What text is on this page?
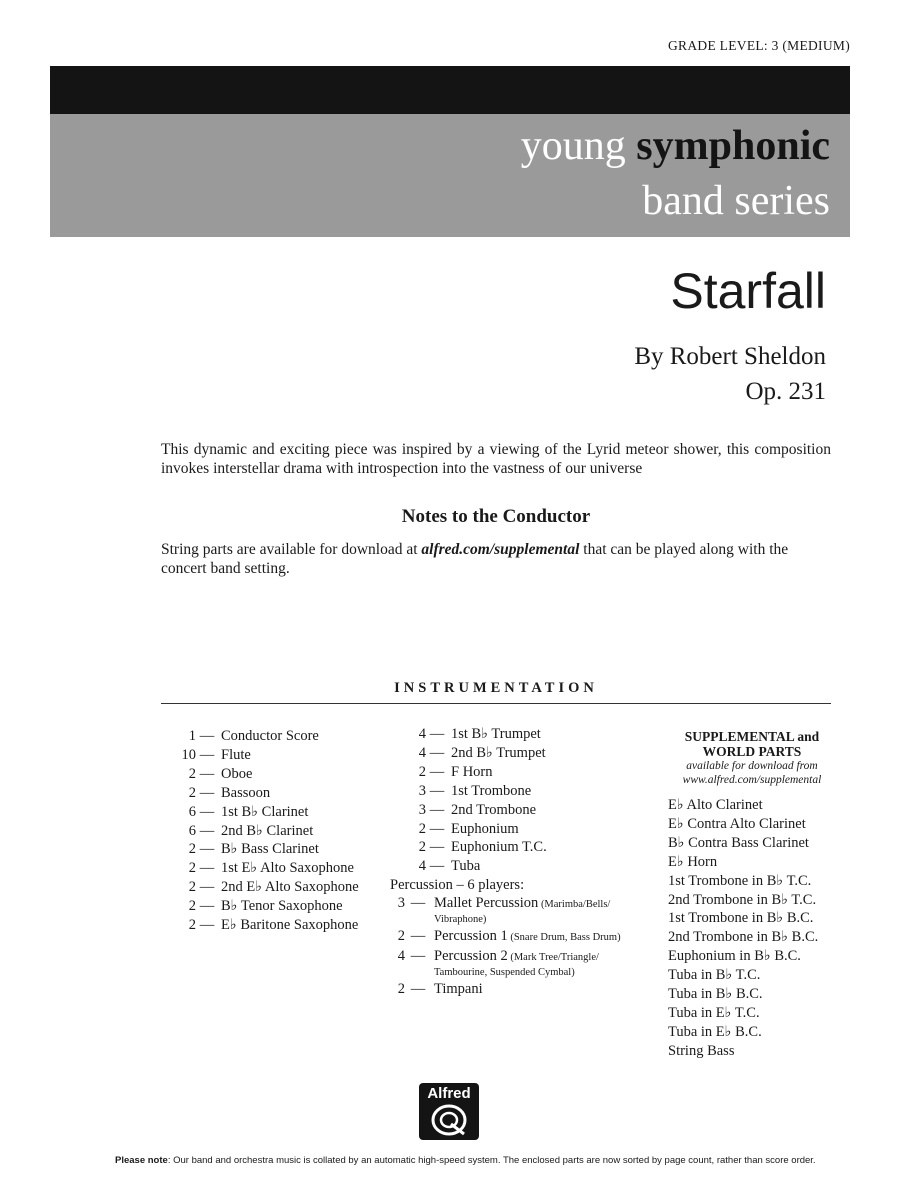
GRADE LEVEL: 3 (MEDIUM)
young symphonic
band series
Starfall
By Robert Sheldon
Op. 231
This dynamic and exciting piece was inspired by a viewing of the Lyrid meteor shower, this composition invokes interstellar drama with introspection into the vastness of our universe
Notes to the Conductor
String parts are available for download at alfred.com/supplemental that can be played along with the concert band setting.
INSTRUMENTATION
1 — Conductor Score
10 — Flute
2 — Oboe
2 — Bassoon
6 — 1st B♭ Clarinet
6 — 2nd B♭ Clarinet
2 — B♭ Bass Clarinet
2 — 1st E♭ Alto Saxophone
2 — 2nd E♭ Alto Saxophone
2 — B♭ Tenor Saxophone
2 — E♭ Baritone Saxophone
4 — 1st B♭ Trumpet
4 — 2nd B♭ Trumpet
2 — F Horn
3 — 1st Trombone
3 — 2nd Trombone
2 — Euphonium
2 — Euphonium T.C.
4 — Tuba
Percussion – 6 players:
3 — Mallet Percussion (Marimba/Bells/
Vibraphone)
2 — Percussion 1 (Snare Drum, Bass Drum)
4 — Percussion 2 (Mark Tree/Triangle/
Tambourine, Suspended Cymbal)
2 — Timpani
SUPPLEMENTAL and
WORLD PARTS
available for download from
www.alfred.com/supplemental
E♭ Alto Clarinet
E♭ Contra Alto Clarinet
B♭ Contra Bass Clarinet
E♭ Horn
1st Trombone in B♭ T.C.
2nd Trombone in B♭ T.C.
1st Trombone in B♭ B.C.
2nd Trombone in B♭ B.C.
Euphonium in B♭ B.C.
Tuba in B♭ T.C.
Tuba in B♭ B.C.
Tuba in E♭ T.C.
Tuba in E♭ B.C.
String Bass
Alfred
Please note: Our band and orchestra music is collated by an automatic high-speed system. The enclosed parts are now sorted by page count, rather than score order.
